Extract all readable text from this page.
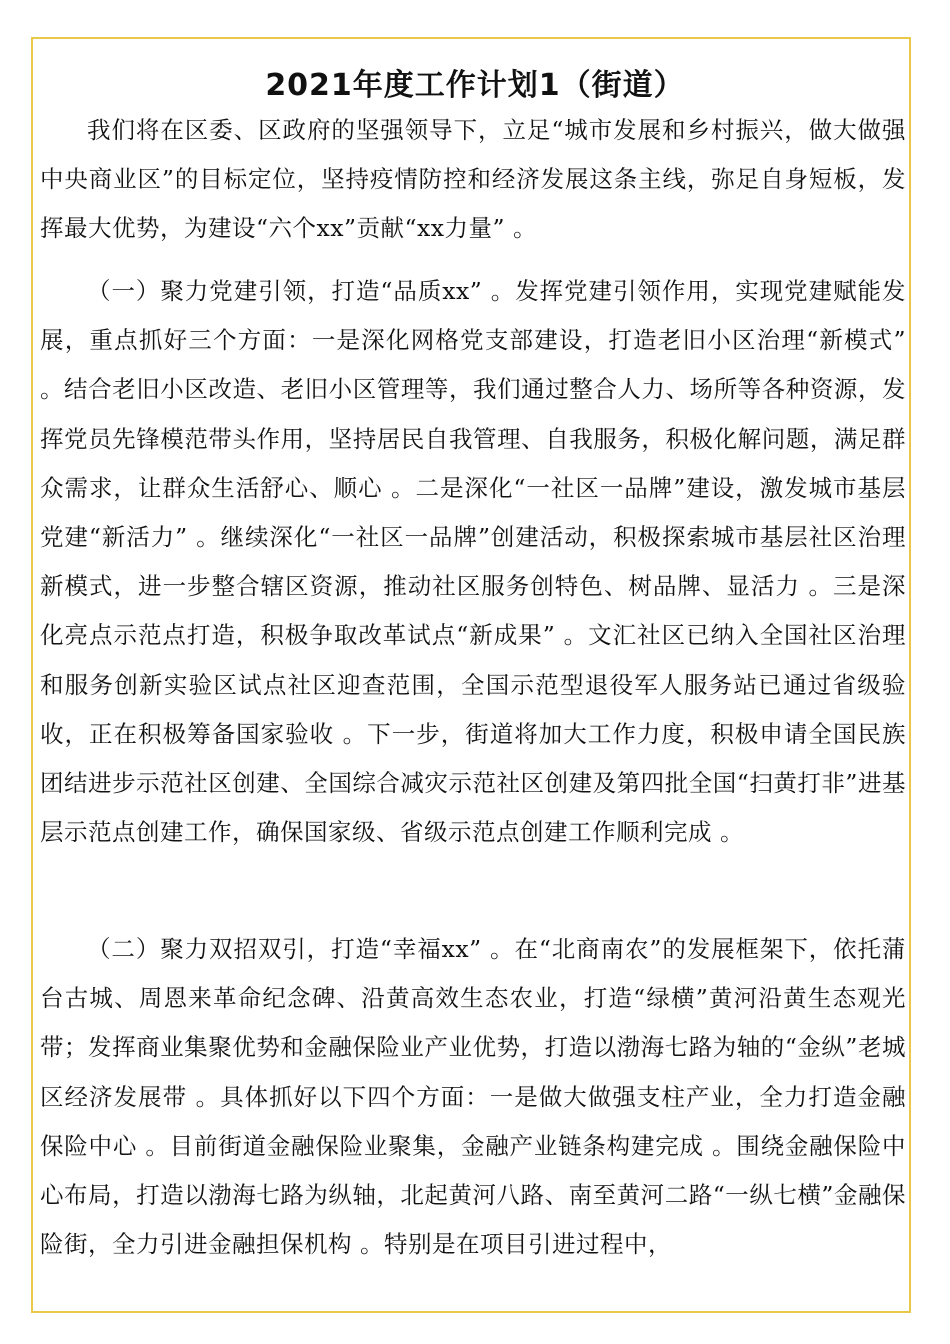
2021年度工作计划1（街道）

我们将在区委、区政府的坚强领导下，立足“城市发展和乡村振兴，做大做强中央商业区”的目标定位，坚持疫情防控和经济发展这条主线，弥足自身短板，发挥最大优势，为建设“六个xx”贡献“xx力量” 。

（一）聚力党建引领，打造“品质xx” 。发挥党建引领作用，实现党建赋能发展，重点抓好三个方面：一是深化网格党支部建设，打造老旧小区治理“新模式” 。结合老旧小区改造、老旧小区管理等，我们通过整合人力、场所等各种资源，发挥党员先锋模范带头作用，坚持居民自我管理、自我服务，积极化解问题，满足群众需求，让群众生活舒心、顺心 。二是深化“一社区一品牌”建设，激发城市基层党建“新活力” 。继续深化“一社区一品牌”创建活动，积极探索城市基层社区治理新模式，进一步整合辖区资源，推动社区服务创特色、树品牌、显活力 。三是深化亮点示范点打造，积极争取改革试点“新成果” 。文汇社区已纳入全国社区治理和服务创新实验区试点社区迎查范围，全国示范型退役军人服务站已通过省级验收，正在积极筹备国家验收 。下一步，街道将加大工作力度，积极申请全国民族团结进步示范社区创建、全国综合减灾示范社区创建及第四批全国“扫黄打非”进基层示范点创建工作，确保国家级、省级示范点创建工作顺利完成 。

（二）聚力双招双引，打造“幸福xx” 。在“北商南农”的发展框架下，依托蒲台古城、周恩来革命纪念碑、沿黄高效生态农业，打造“绿横”黄河沿黄生态观光带；发挥商业集聚优势和金融保险业产业优势，打造以渤海七路为轴的“金纵”老城区经济发展带 。具体抓好以下四个方面：一是做大做强支柱产业，全力打造金融保险中心 。目前街道金融保险业聚集，金融产业链条构建完成 。围绕金融保险中心布局，打造以渤海七路为纵轴，北起黄河八路、南至黄河二路“一纵七横”金融保险街，全力引进金融担保机构 。特别是在项目引进过程中，
